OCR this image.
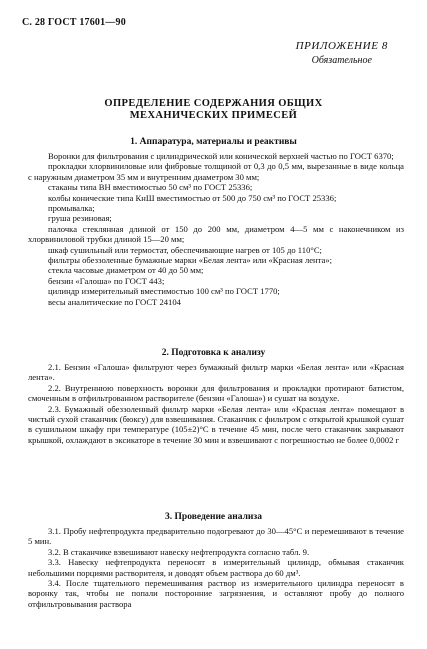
С. 28 ГОСТ 17601—90
ПРИЛОЖЕНИЕ 8
Обязательное
ОПРЕДЕЛЕНИЕ СОДЕРЖАНИЯ ОБЩИХ
МЕХАНИЧЕСКИХ ПРИМЕСЕЙ
1. Аппаратура, материалы и реактивы

Воронки для фильтрования с цилиндрической или конической верхней частью по ГОСТ 6370;

прокладки хлорвиниловые или фибровые толщиной от 0,3 до 0,5 мм, вырезанные в виде кольца с наружным диаметром 35 мм и внутренним диаметром 30 мм;

стаканы типа ВН вместимостью 50 см³ по ГОСТ 25336;

колбы конические типа КнШ вместимостью от 500 до 750 см³ по ГОСТ 25336;

промывалка;

груша резиновая;

палочка стеклянная длиной от 150 до 200 мм, диаметром 4—5 мм с наконечником из хлорвиниловой трубки длиной 15—20 мм;

шкаф сушильный или термостат, обеспечивающие нагрев от 105 до 110°С;

фильтры обеззоленные бумажные марки «Белая лента» или «Красная лента»;

стекла часовые диаметром от 40 до 50 мм;

бензин «Галоша» по ГОСТ 443;

цилиндр измерительный вместимостью 100 см³ по ГОСТ 1770;

весы аналитические по ГОСТ 24104

2. Подготовка к анализу

2.1. Бензин «Галоша» фильтруют через бумажный фильтр марки «Белая лента» или «Красная лента».

2.2. Внутреннюю поверхность воронки для фильтрования и прокладки протирают батистом, смоченным в отфильтрованном растворителе (бензин «Галоша») и сушат на воздухе.

2.3. Бумажный обеззоленный фильтр марки «Белая лента» или «Красная лента» помещают в чистый сухой стаканчик (бюксу) для взвешивания. Стаканчик с фильтром с открытой крышкой сушат в сушильном шкафу при температуре (105±2)°С в течение 45 мин, после чего стаканчик закрывают крышкой, охлаждают в эксикаторе в течение 30 мин и взвешивают с погрешностью не более 0,0002 г

3. Проведение анализа

3.1. Пробу нефтепродукта предварительно подогревают до 30—45°С и перемешивают в течение 5 мин.

3.2. В стаканчике взвешивают навеску нефтепродукта согласно табл. 9.

3.3. Навеску нефтепродукта переносят в измерительный цилиндр, обмывая стаканчик небольшими порциями растворителя, и доводят объем раствора до 60 дм³.

3.4. После тщательного перемешивания раствор из измерительного цилиндра переносят в воронку так, чтобы не попали посторонние загрязнения, и оставляют пробу до полного отфильтровывания раствора
